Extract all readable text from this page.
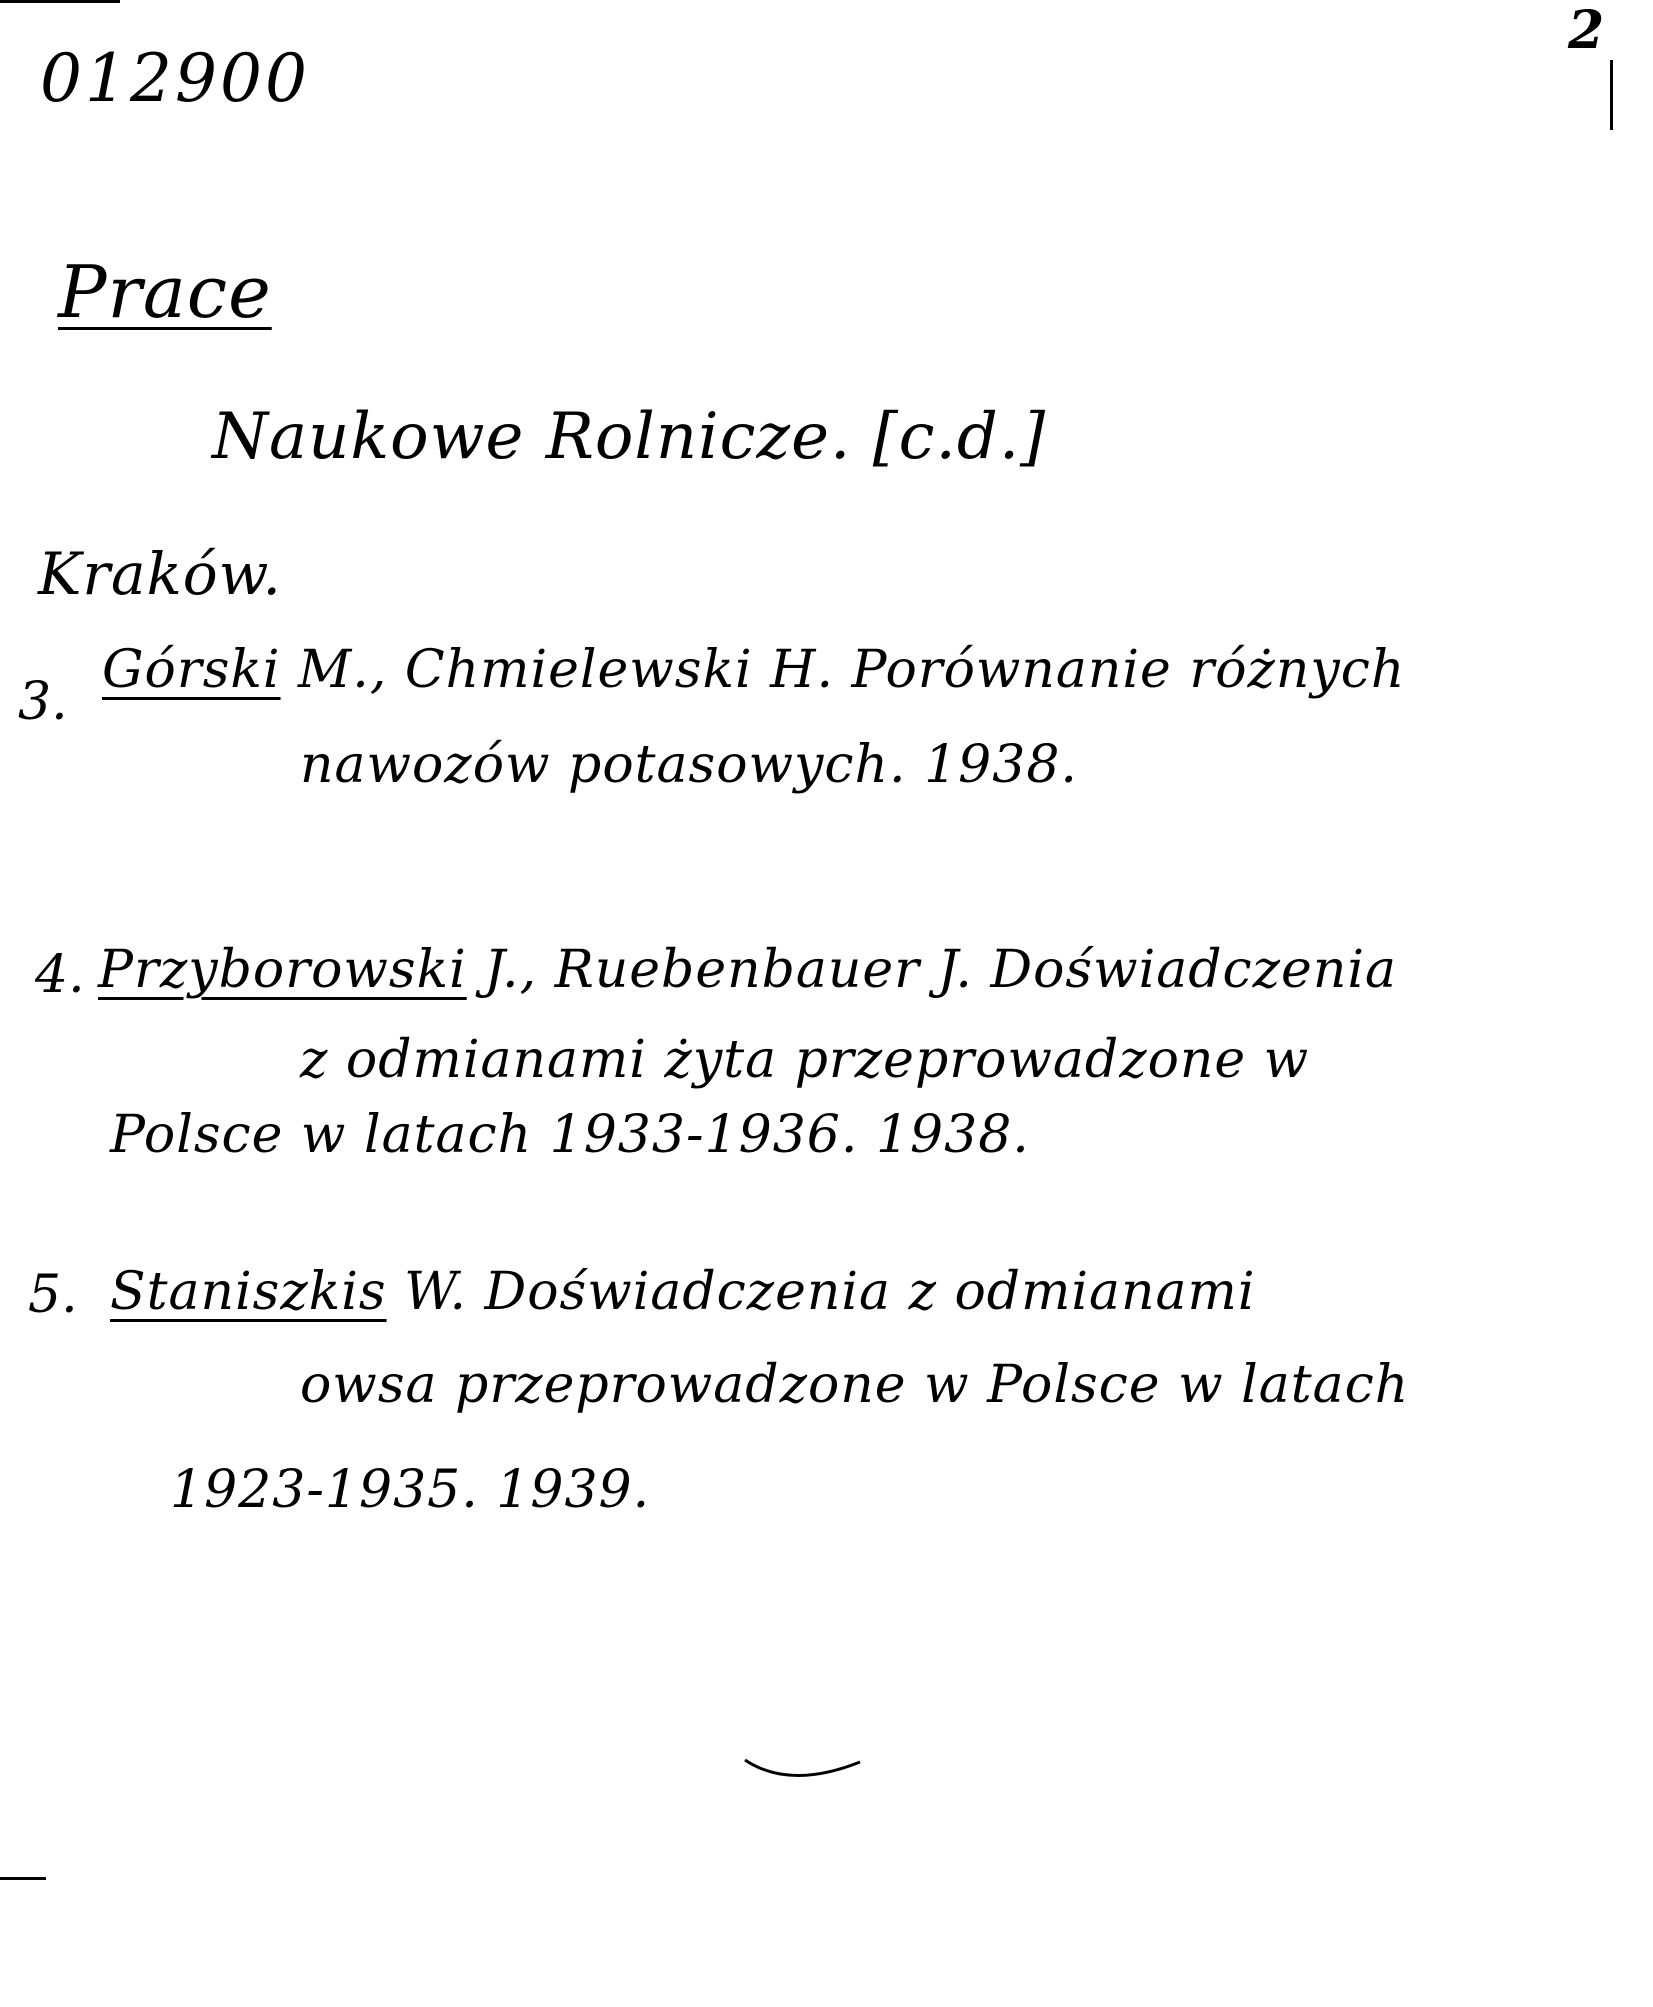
012900
2
Prace
Naukowe Rolnicze. [c.d.]
Kraków.
3.
Górski M., Chmielewski H. Porównanie różnych
nawozów potasowych. 1938.
4. Przyborowski J., Ruebenbauer J. Doświadczenia
z odmianami żyta przeprowadzone w
Polsce w latach 1933-1936. 1938.
5. Staniszkis W. Doświadczenia z odmianami
owsa przeprowadzone w Polsce w latach
1923-1935. 1939.
